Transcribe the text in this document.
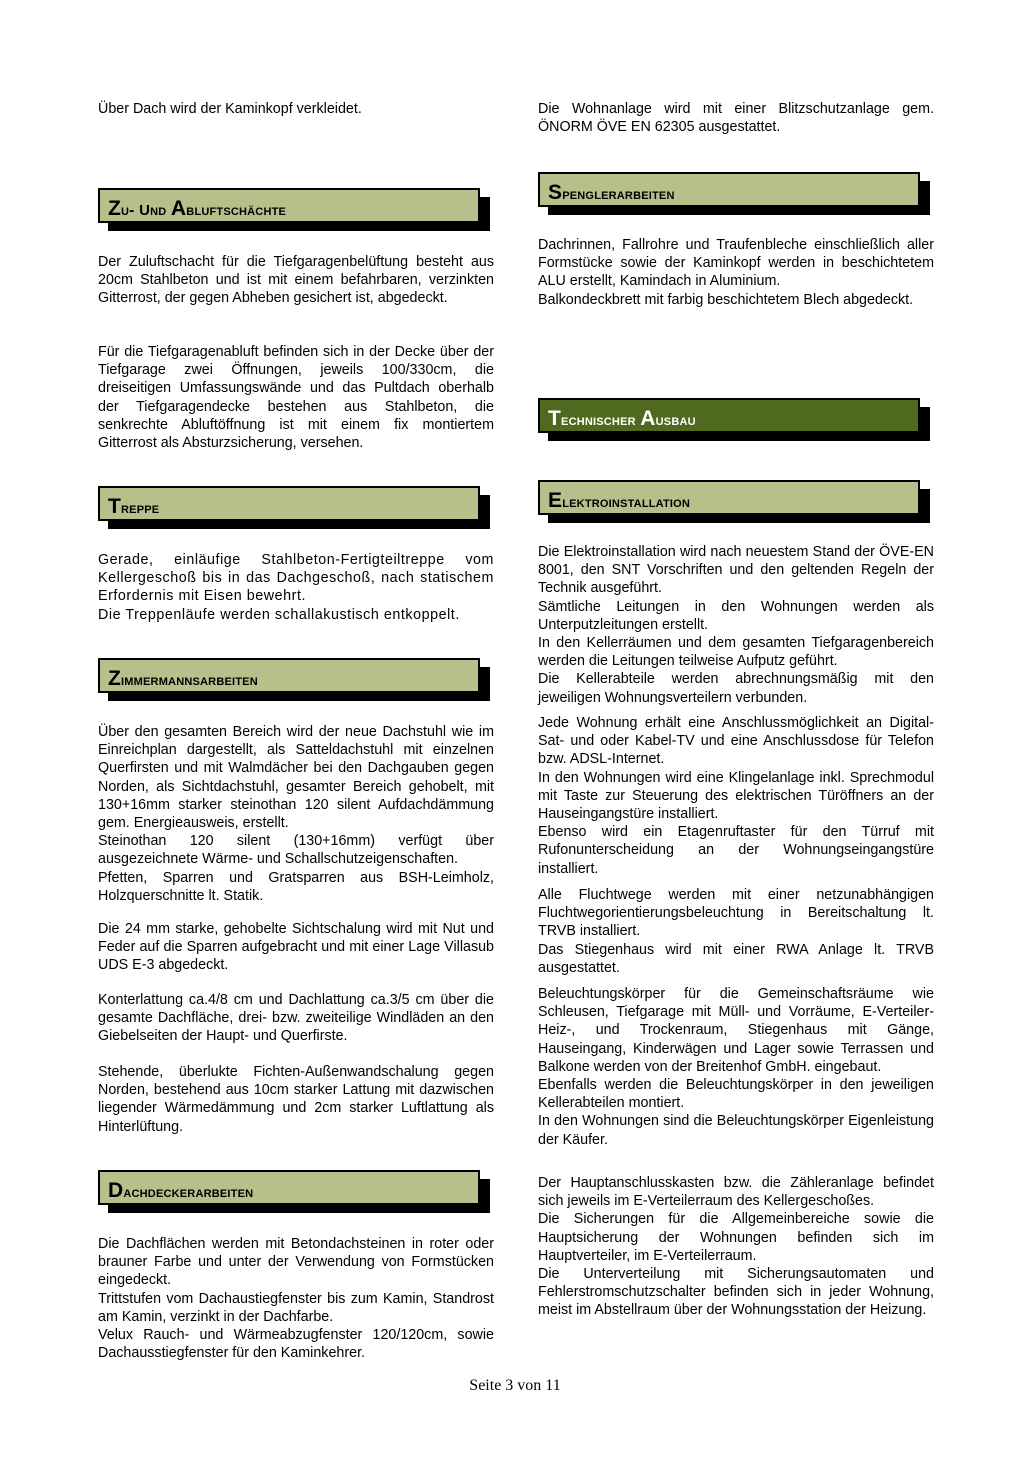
Über Dach wird der Kaminkopf verkleidet.

Zu- und Abluftschächte

Der Zuluftschacht für die Tiefgaragenbelüftung besteht aus 20cm Stahlbeton und ist mit einem befahrbaren, verzinkten Gitterrost, der gegen Abheben gesichert ist, abgedeckt.

Für die Tiefgaragenabluft befinden sich in der Decke über der Tiefgarage zwei Öffnungen, jeweils 100/330cm, die dreiseitigen Umfassungswände und das Pultdach oberhalb der Tiefgaragendecke bestehen aus Stahlbeton, die senkrechte Abluftöffnung ist mit einem fix montiertem Gitterrost als Absturzsicherung, versehen.

Treppe

Gerade, einläufige Stahlbeton-Fertigteiltreppe vom Kellergeschoß bis in das Dachgeschoß, nach statischem Erfordernis mit Eisen bewehrt.
Die Treppenläufe werden schallakustisch entkoppelt.

Zimmermannsarbeiten

Über den gesamten Bereich wird der neue Dachstuhl wie im Einreichplan dargestellt, als Satteldachstuhl mit einzelnen Querfirsten und mit Walmdächer bei den Dachgauben gegen Norden, als Sichtdachstuhl, gesamter Bereich gehobelt, mit 130+16mm starker steinothan 120 silent Aufdachdämmung gem. Energieausweis, erstellt.
Steinothan 120 silent (130+16mm) verfügt über ausgezeichnete Wärme- und Schallschutzeigenschaften.
Pfetten, Sparren und Gratsparren aus BSH-Leimholz, Holzquerschnitte lt. Statik.

Die 24 mm starke, gehobelte Sichtschalung wird mit Nut und Feder auf die Sparren aufgebracht und mit einer Lage Villasub UDS E-3 abgedeckt.

Konterlattung ca.4/8 cm und Dachlattung ca.3/5 cm über die gesamte Dachfläche, drei- bzw. zweiteilige Windläden an den Giebelseiten der Haupt- und Querfirste.

Stehende, überlukte Fichten-Außenwandschalung gegen Norden, bestehend aus 10cm starker Lattung mit dazwischen liegender Wärmedämmung und 2cm starker Luftlattung als Hinterlüftung.

Dachdeckerarbeiten

Die Dachflächen werden mit Betondachsteinen in roter oder brauner Farbe und unter der Verwendung von Formstücken eingedeckt.
Trittstufen vom Dachaustiegfenster bis zum Kamin, Standrost am Kamin, verzinkt in der Dachfarbe.
Velux Rauch- und Wärmeabzugfenster 120/120cm, sowie Dachausstiegfenster für den Kaminkehrer.

Die Wohnanlage wird mit einer Blitzschutzanlage gem. ÖNORM ÖVE EN 62305 ausgestattet.

Spenglerarbeiten

Dachrinnen, Fallrohre und Traufenbleche einschließlich aller Formstücke sowie der Kaminkopf werden in beschichtetem ALU erstellt, Kamindach in Aluminium.
Balkondeckbrett mit farbig beschichtetem Blech abgedeckt.

Technischer Ausbau
Elektroinstallation

Die Elektroinstallation wird nach neuestem Stand der ÖVE-EN 8001, den SNT Vorschriften und den geltenden Regeln der Technik ausgeführt.
Sämtliche Leitungen in den Wohnungen werden als Unterputzleitungen erstellt.
In den Kellerräumen und dem gesamten Tiefgaragenbereich werden die Leitungen teilweise Aufputz geführt.
Die Kellerabteile werden abrechnungsmäßig mit den jeweiligen Wohnungsverteilern verbunden.

Jede Wohnung erhält eine Anschlussmöglichkeit an Digital-Sat- und oder Kabel-TV und eine Anschlussdose für Telefon bzw. ADSL-Internet.
In den Wohnungen wird eine Klingelanlage inkl. Sprechmodul mit Taste zur Steuerung des elektrischen Türöffners an der Hauseingangstüre installiert.
Ebenso wird ein Etagenruftaster für den Türruf mit Rufonunterscheidung an der Wohnungseingangstüre installiert.

Alle Fluchtwege werden mit einer netzunabhängigen Fluchtwegorientierungsbeleuchtung in Bereitschaltung lt. TRVB installiert.
Das Stiegenhaus wird mit einer RWA Anlage lt. TRVB ausgestattet.

Beleuchtungskörper für die Gemeinschaftsräume wie Schleusen, Tiefgarage mit Müll- und Vorräume, E-Verteiler- Heiz-, und Trockenraum, Stiegenhaus mit Gänge, Hauseingang, Kinderwägen und Lager sowie Terrassen und Balkone werden von der Breitenhof GmbH. eingebaut.
Ebenfalls werden die Beleuchtungskörper in den jeweiligen Kellerabteilen montiert.
In den Wohnungen sind die Beleuchtungskörper Eigenleistung der Käufer.

Der Hauptanschlusskasten bzw. die Zähleranlage befindet sich jeweils im E-Verteilerraum des Kellergeschoßes.
Die Sicherungen für die Allgemeinbereiche sowie die Hauptsicherung der Wohnungen befinden sich im Hauptverteiler, im E-Verteilerraum.
Die Unterverteilung mit Sicherungsautomaten und Fehlerstromschutzschalter befinden sich in jeder Wohnung, meist im Abstellraum über der Wohnungsstation der Heizung.

Seite 3 von 11
